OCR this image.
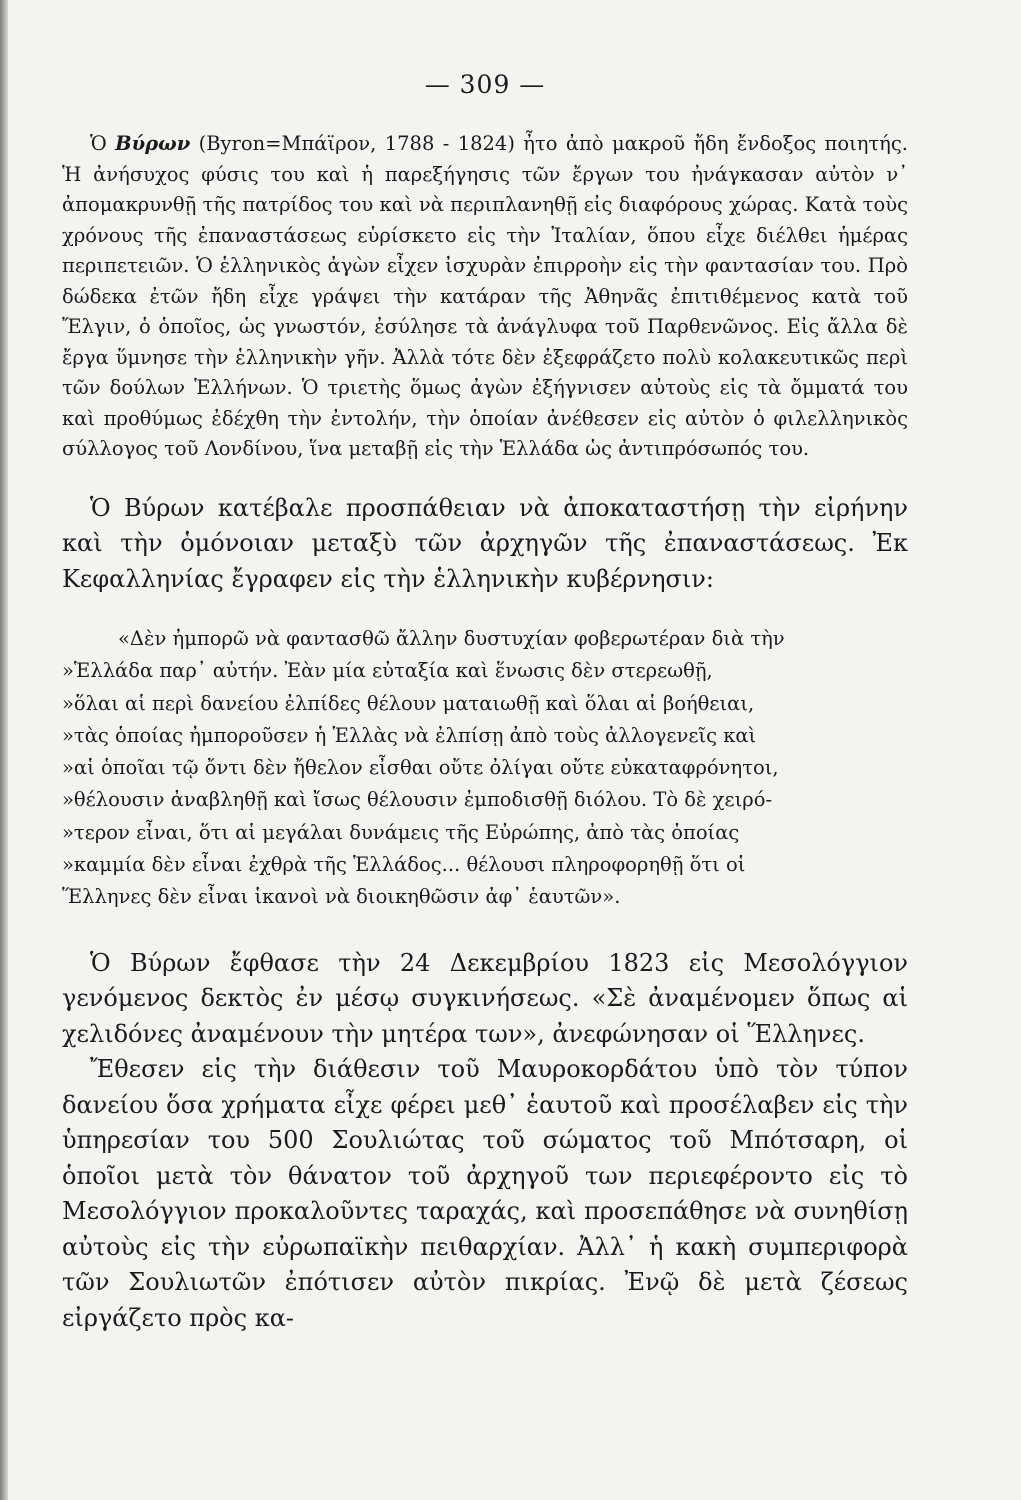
— 309 —

Ὁ Βύρων (Byron=Μπάϊρον, 1788 - 1824) ἦτο ἀπὸ μακροῦ ἤδη ἔνδοξος ποιητής. Ἡ ἀνήσυχος φύσις του καὶ ἡ παρεξήγησις τῶν ἔργων του ἠνάγκασαν αὐτὸν ν᾽ ἀπομακρυνθῇ τῆς πατρίδος του καὶ νὰ περιπλανηθῇ εἰς διαφόρους χώρας. Κατὰ τοὺς χρόνους τῆς ἐπαναστάσεως εὑρίσκετο εἰς τὴν Ἰταλίαν, ὅπου εἶχε διέλθει ἡμέρας περιπετειῶν. Ὁ ἑλληνικὸς ἀγὼν εἶχεν ἰσχυρὰν ἐπιρροὴν εἰς τὴν φαντασίαν του. Πρὸ δώδεκα ἐτῶν ἤδη εἶχε γράψει τὴν κατάραν τῆς Ἀθηνᾶς ἐπιτιθέμενος κατὰ τοῦ Ἔλγιν, ὁ ὁποῖος, ὡς γνωστόν, ἐσύλησε τὰ ἀνάγλυφα τοῦ Παρθενῶνος. Εἰς ἄλλα δὲ ἔργα ὕμνησε τὴν ἑλληνικὴν γῆν. Ἀλλὰ τότε δὲν ἐξεφράζετο πολὺ κολακευτικῶς περὶ τῶν δούλων Ἑλλήνων. Ὁ τριετὴς ὅμως ἀγὼν ἐξήγνισεν αὐτοὺς εἰς τὰ ὄμματά του καὶ προθύμως ἐδέχθη τὴν ἐντολήν, τὴν ὁποίαν ἀνέθεσεν εἰς αὐτὸν ὁ φιλελληνικὸς σύλλογος τοῦ Λονδίνου, ἵνα μεταβῇ εἰς τὴν Ἑλλάδα ὡς ἀντιπρόσωπός του.

Ὁ Βύρων κατέβαλε προσπάθειαν νὰ ἀποκαταστήσῃ τὴν εἰρήνην καὶ τὴν ὁμόνοιαν μεταξὺ τῶν ἀρχηγῶν τῆς ἐπαναστάσεως. Ἐκ Κεφαλληνίας ἔγραφεν εἰς τὴν ἑλληνικὴν κυβέρνησιν:

«Δὲν ἠμπορῶ νὰ φαντασθῶ ἄλλην δυστυχίαν φοβερωτέραν διὰ τὴν

»Ἑλλάδα παρ᾽ αὐτήν. Ἐὰν μία εὐταξία καὶ ἕνωσις δὲν στερεωθῇ,

»ὅλαι αἱ περὶ δανείου ἐλπίδες θέλουν ματαιωθῇ καὶ ὅλαι αἱ βοήθειαι,

»τὰς ὁποίας ἠμποροῦσεν ἡ Ἑλλὰς νὰ ἐλπίσῃ ἀπὸ τοὺς ἀλλογενεῖς καὶ

»αἱ ὁποῖαι τῷ ὄντι δὲν ἤθελον εἶσθαι οὔτε ὀλίγαι οὔτε εὐκαταφρόνητοι,

»θέλουσιν ἀναβληθῇ καὶ ἴσως θέλουσιν ἐμποδισθῇ διόλου. Τὸ δὲ χειρό-

»τερον εἶναι, ὅτι αἱ μεγάλαι δυνάμεις τῆς Εὐρώπης, ἀπὸ τὰς ὁποίας

»καμμία δὲν εἶναι ἐχθρὰ τῆς Ἑλλάδος... θέλουσι πληροφορηθῇ ὅτι οἱ

Ἕλληνες δὲν εἶναι ἱκανοὶ νὰ διοικηθῶσιν ἀφ᾽ ἑαυτῶν».

Ὁ Βύρων ἔφθασε τὴν 24 Δεκεμβρίου 1823 εἰς Μεσολόγγιον γενόμενος δεκτὸς ἐν μέσῳ συγκινήσεως. «Σὲ ἀναμένομεν ὅπως αἱ χελιδόνες ἀναμένουν τὴν μητέρα των», ἀνεφώνησαν οἱ Ἕλληνες.

Ἔθεσεν εἰς τὴν διάθεσιν τοῦ Μαυροκορδάτου ὑπὸ τὸν τύπον δανείου ὅσα χρήματα εἶχε φέρει μεθ᾽ ἑαυτοῦ καὶ προσέλαβεν εἰς τὴν ὑπηρεσίαν του 500 Σουλιώτας τοῦ σώματος τοῦ Μπότσαρη, οἱ ὁποῖοι μετὰ τὸν θάνατον τοῦ ἀρχηγοῦ των περιεφέροντο εἰς τὸ Μεσολόγγιον προκαλοῦντες ταραχάς, καὶ προσεπάθησε νὰ συνηθίσῃ αὐτοὺς εἰς τὴν εὐρωπαϊκὴν πειθαρχίαν. Ἀλλ᾽ ἡ κακὴ συμπεριφορὰ τῶν Σουλιωτῶν ἐπότισεν αὐτὸν πικρίας. Ἐνῷ δὲ μετὰ ζέσεως εἰργάζετο πρὸς κα-
